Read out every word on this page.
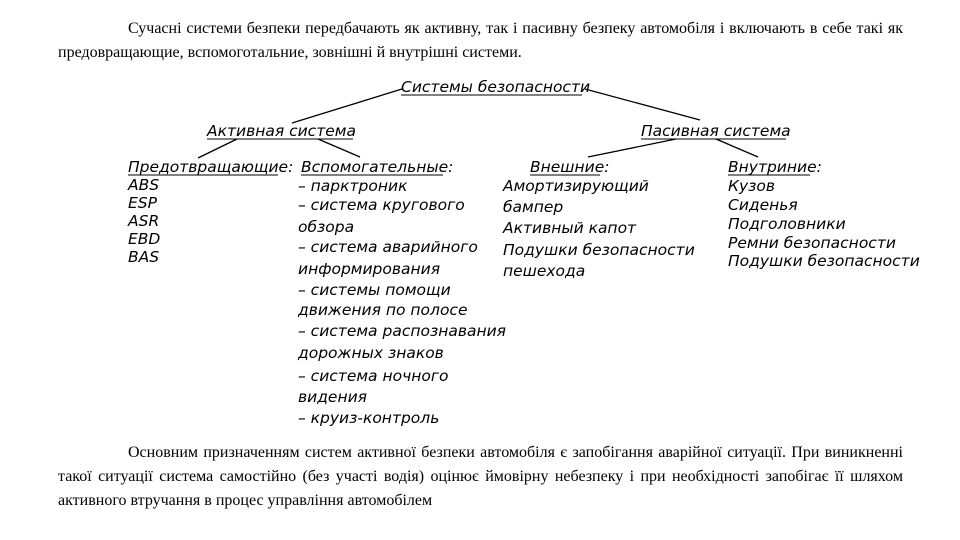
Сучасні системи безпеки передбачають як активну, так і пасивну безпеку автомобіля і включають в себе такі як предовращающие, вспомоготальние, зовнішні й внутрішні системи.

Системы безопасности
Активная система	Пасивная система
Предотвращающие:
ABS
ESP
ASR
EBD
BAS
Вспомогательные:
– парктроник
– система кругового
обзора
– система аварийного
информирования
– системы помощи
движения по полосе
– система распознавания
дорожных знаков
– система ночного
видения
– круиз-контроль
Внешние:
Амортизирующий
бампер
Активный капот
Подушки безопасности
пешехода
Внутриние:
Кузов
Сиденья
Подголовники
Ремни безопасности
Подушки безопасности

Основним призначенням систем активної безпеки автомобіля є запобігання аварійної ситуації. При виникненні такої ситуації система самостійно (без участі водія) оцінює ймовірну небезпеку і при необхідності запобігає її шляхом активного втручання в процес управління автомобілем
